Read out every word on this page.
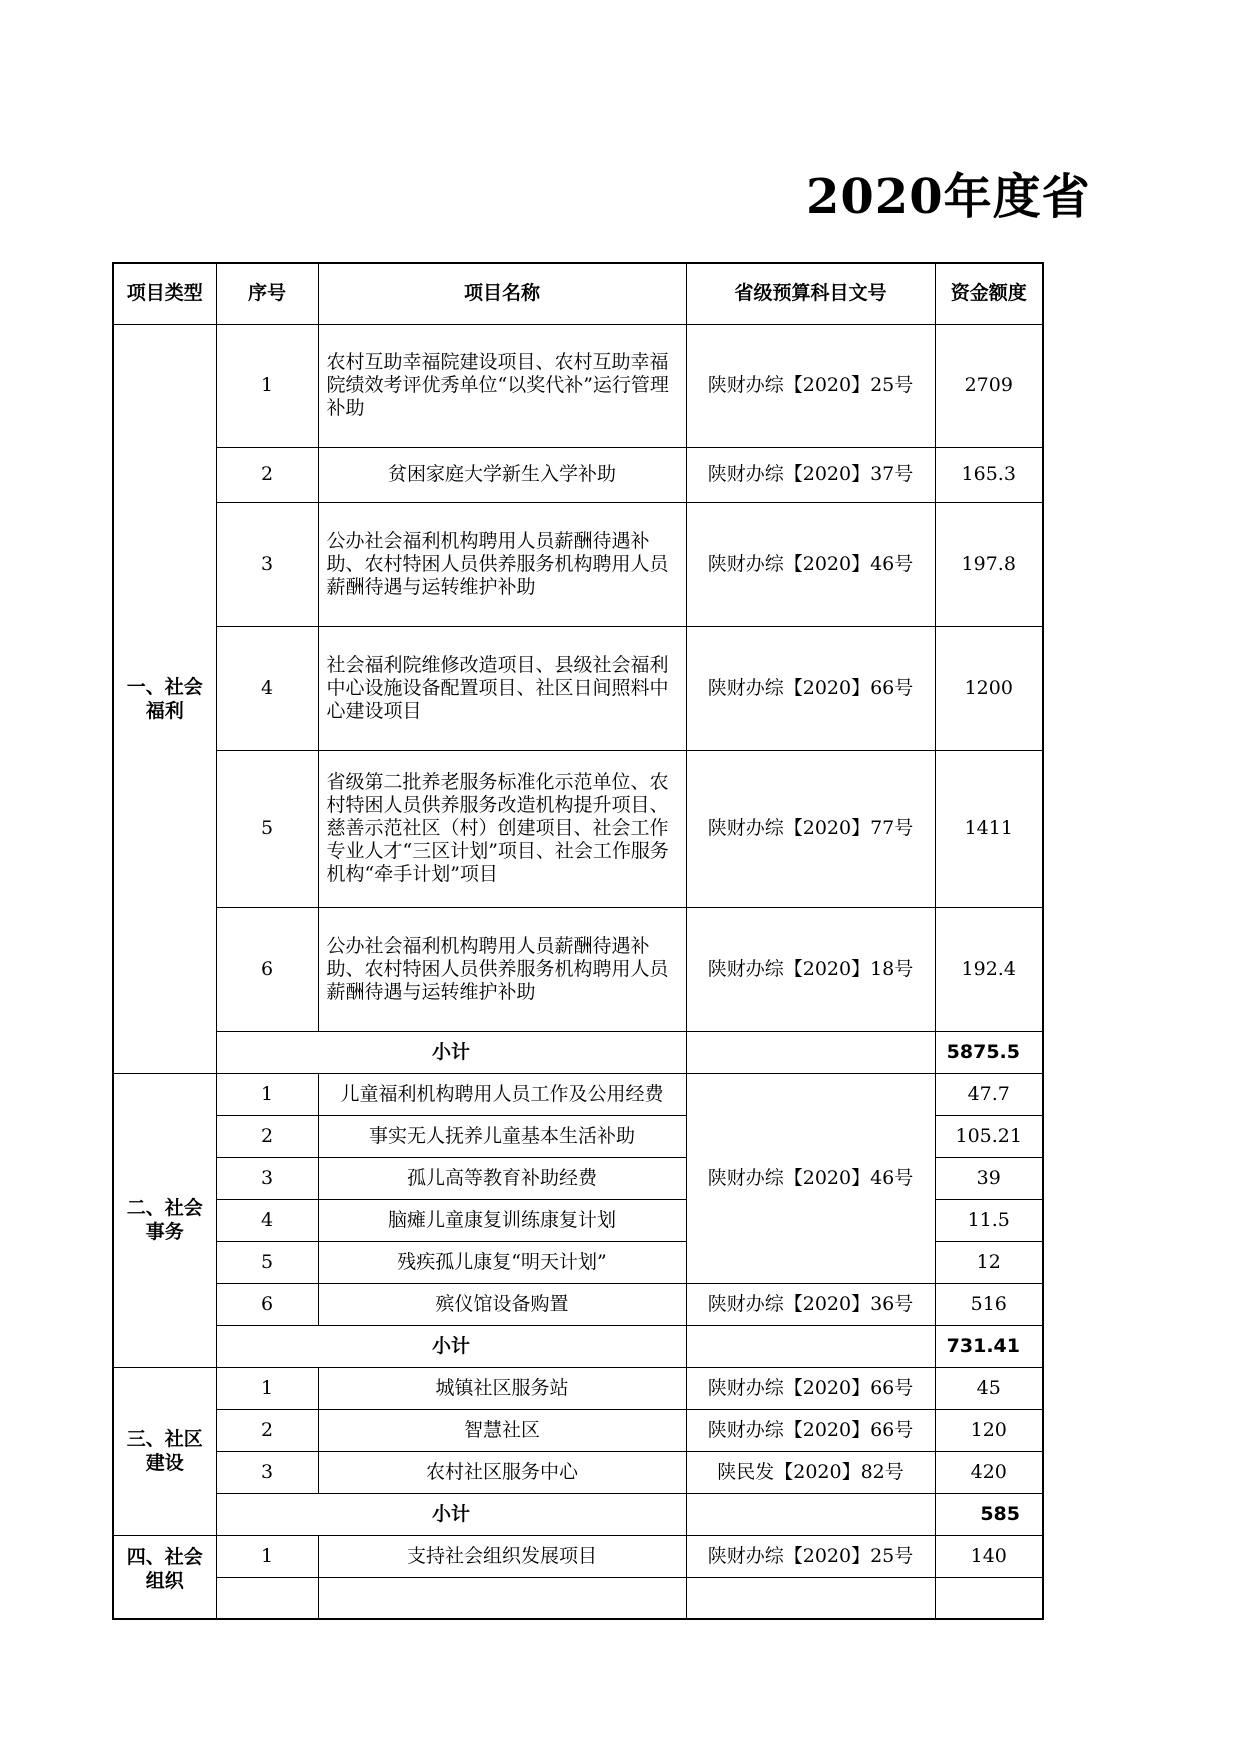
2020年度省
项目类型	序号	项目名称	省级预算科目文号	资金额度
一、社会福利	1	农村互助幸福院建设项目、农村互助幸福院绩效考评优秀单位“以奖代补”运行管理补助	陕财办综【2020】25号	2709
	2	贫困家庭大学新生入学补助	陕财办综【2020】37号	165.3
	3	公办社会福利机构聘用人员薪酬待遇补助、农村特困人员供养服务机构聘用人员薪酬待遇与运转维护补助	陕财办综【2020】46号	197.8
	4	社会福利院维修改造项目、县级社会福利中心设施设备配置项目、社区日间照料中心建设项目	陕财办综【2020】66号	1200
	5	省级第二批养老服务标准化示范单位、农村特困人员供养服务改造机构提升项目、慈善示范社区（村）创建项目、社会工作专业人才“三区计划”项目、社会工作服务机构“牵手计划”项目	陕财办综【2020】77号	1411
	6	公办社会福利机构聘用人员薪酬待遇补助、农村特困人员供养服务机构聘用人员薪酬待遇与运转维护补助	陕财办综【2020】18号	192.4
	小计			5875.5
二、社会事务	1	儿童福利机构聘用人员工作及公用经费	陕财办综【2020】46号	47.7
	2	事实无人抚养儿童基本生活补助		105.21
	3	孤儿高等教育补助经费		39
	4	脑瘫儿童康复训练康复计划		11.5
	5	残疾孤儿康复“明天计划”		12
	6	殡仪馆设备购置	陕财办综【2020】36号	516
	小计			731.41
三、社区建设	1	城镇社区服务站	陕财办综【2020】66号	45
	2	智慧社区	陕财办综【2020】66号	120
	3	农村社区服务中心	陕民发【2020】82号	420
	小计			585
四、社会组织	1	支持社会组织发展项目	陕财办综【2020】25号	140
